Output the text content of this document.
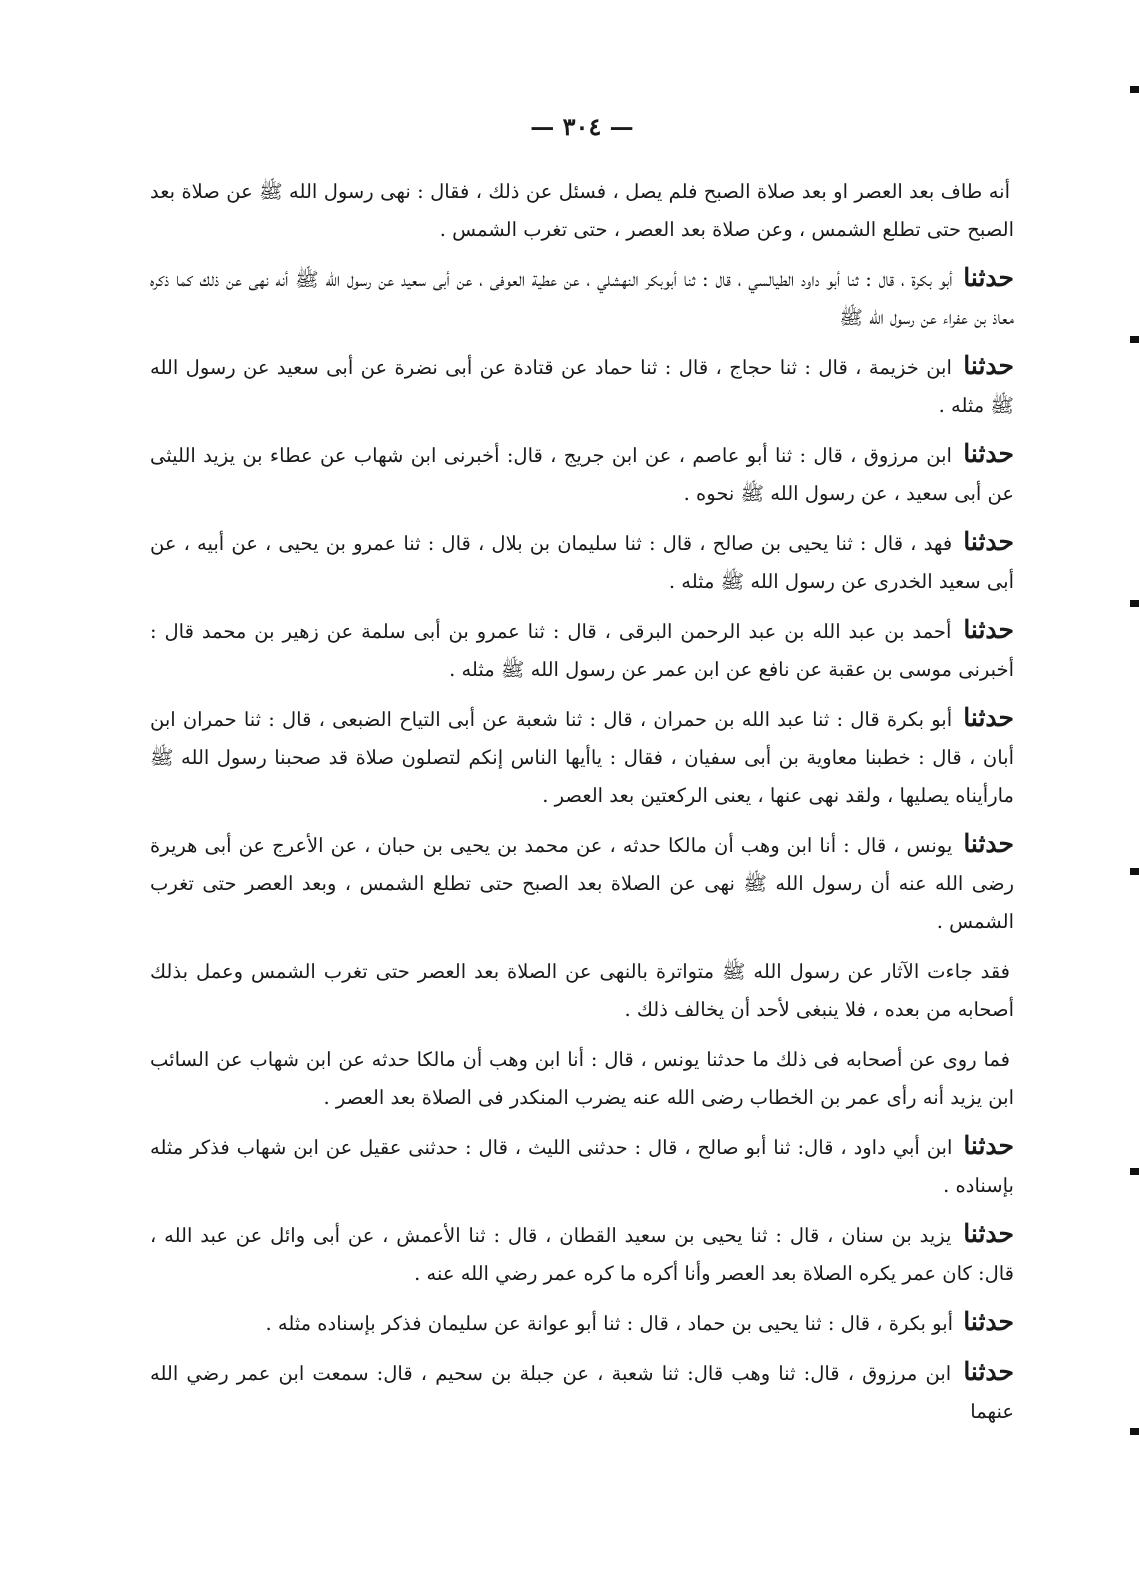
— ٣٠٤ —

أنه طاف بعد العصر او بعد صلاة الصبح فلم يصل ، فسئل عن ذلك ، فقال : نهى رسول الله ﷺ عن صلاة بعد الصبح حتى تطلع الشمس ، وعن صلاة بعد العصر ، حتى تغرب الشمس .

حدثنا أبو بكرة ، قال : ثنا أبو داود الطيالسي ، قال : ثنا أبوبكر النهشلي ، عن عطية العوفى ، عن أبى سعيد عن رسول الله ﷺ أنه نهى عن ذلك كما ذكره معاذ بن عفراء عن رسول الله ﷺ

حدثنا ابن خزيمة ، قال : ثنا حجاج ، قال : ثنا حماد عن قتادة عن أبى نضرة عن أبى سعيد عن رسول الله ﷺ مثله .

حدثنا ابن مرزوق ، قال : ثنا أبو عاصم ، عن ابن جريج ، قال: أخبرنى ابن شهاب عن عطاء بن يزيد الليثى عن أبى سعيد ، عن رسول الله ﷺ نحوه .

حدثنا فهد ، قال : ثنا يحيى بن صالح ، قال : ثنا سليمان بن بلال ، قال : ثنا عمرو بن يحيى ، عن أبيه ، عن أبى سعيد الخدرى عن رسول الله ﷺ مثله .

حدثنا أحمد بن عبد الله بن عبد الرحمن البرقى ، قال : ثنا عمرو بن أبى سلمة عن زهير بن محمد قال : أخبرنى موسى بن عقبة عن نافع عن ابن عمر عن رسول الله ﷺ مثله .

حدثنا أبو بكرة قال : ثنا عبد الله بن حمران ، قال : ثنا شعبة عن أبى التياح الضبعى ، قال : ثنا حمران ابن أبان ، قال : خطبنا معاوية بن أبى سفيان ، فقال : ياأيها الناس إنكم لتصلون صلاة قد صحبنا رسول الله ﷺ مارأيناه يصليها ، ولقد نهى عنها ، يعنى الركعتين بعد العصر .

حدثنا يونس ، قال : أنا ابن وهب أن مالكا حدثه ، عن محمد بن يحيى بن حبان ، عن الأعرج عن أبى هريرة رضى الله عنه أن رسول الله ﷺ نهى عن الصلاة بعد الصبح حتى تطلع الشمس ، وبعد العصر حتى تغرب الشمس .

فقد جاءت الآثار عن رسول الله ﷺ متواترة بالنهى عن الصلاة بعد العصر حتى تغرب الشمس وعمل بذلك أصحابه من بعده ، فلا ينبغى لأحد أن يخالف ذلك .

فما روى عن أصحابه فى ذلك ما حدثنا يونس ، قال : أنا ابن وهب أن مالكا حدثه عن ابن شهاب عن السائب ابن يزيد أنه رأى عمر بن الخطاب رضى الله عنه يضرب المنكدر فى الصلاة بعد العصر .

حدثنا ابن أبي داود ، قال: ثنا أبو صالح ، قال : حدثنى الليث ، قال : حدثنى عقيل عن ابن شهاب فذكر مثله بإسناده .

حدثنا يزيد بن سنان ، قال : ثنا يحيى بن سعيد القطان ، قال : ثنا الأعمش ، عن أبى وائل عن عبد الله ، قال: كان عمر يكره الصلاة بعد العصر وأنا أكره ما كره عمر رضي الله عنه .

حدثنا أبو بكرة ، قال : ثنا يحيى بن حماد ، قال : ثنا أبو عوانة عن سليمان فذكر بإسناده مثله .

حدثنا ابن مرزوق ، قال: ثنا وهب قال: ثنا شعبة ، عن جبلة بن سحيم ، قال: سمعت ابن عمر رضي الله عنهما
